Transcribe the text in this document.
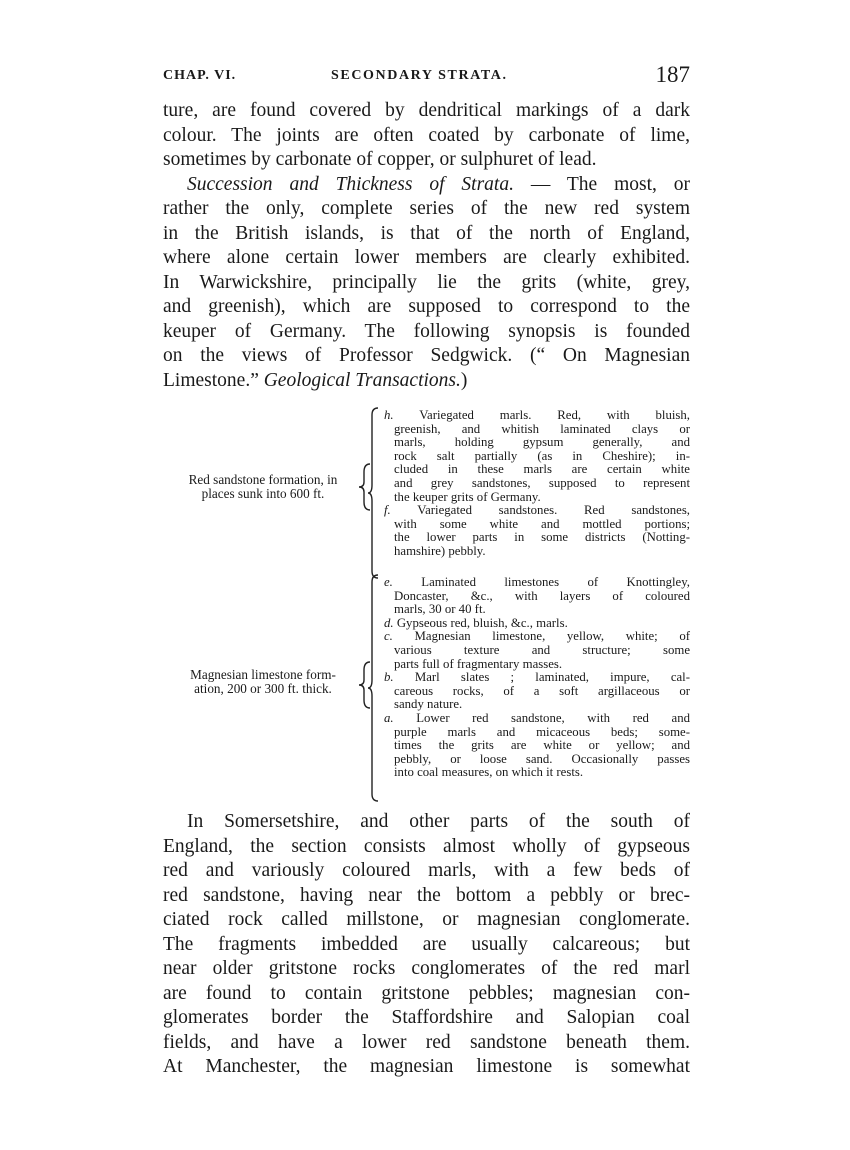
CHAP. VI.	SECONDARY STRATA.	187
ture, are found covered by dendritical markings of a dark
colour. The joints are often coated by carbonate of lime,
sometimes by carbonate of copper, or sulphuret of lead.
Succession and Thickness of Strata. — The most, or
rather the only, complete series of the new red system
in the British islands, is that of the north of England,
where alone certain lower members are clearly exhibited.
In Warwickshire, principally lie the grits (white, grey,
and greenish), which are supposed to correspond to the
keuper of Germany. The following synopsis is founded
on the views of Professor Sedgwick. (“ On Magnesian
Limestone.” Geological Transactions.)
Red sandstone formation, in
places sunk into 600 ft.
Magnesian limestone form-
ation, 200 or 300 ft. thick.
h. Variegated marls. Red, with bluish,
greenish, and whitish laminated clays or
marls, holding gypsum generally, and
rock salt partially (as in Cheshire); in-
cluded in these marls are certain white
and grey sandstones, supposed to represent
the keuper grits of Germany.
f. Variegated sandstones. Red sandstones,
with some white and mottled portions;
the lower parts in some districts (Notting-
hamshire) pebbly.
e. Laminated limestones of Knottingley,
Doncaster, &c., with layers of coloured
marls, 30 or 40 ft.
d. Gypseous red, bluish, &c., marls.
c. Magnesian limestone, yellow, white; of
various texture and structure; some
parts full of fragmentary masses.
b. Marl slates ; laminated, impure, cal-
careous rocks, of a soft argillaceous or
sandy nature.
a. Lower red sandstone, with red and
purple marls and micaceous beds; some-
times the grits are white or yellow; and
pebbly, or loose sand. Occasionally passes
into coal measures, on which it rests.
In Somersetshire, and other parts of the south of
England, the section consists almost wholly of gypseous
red and variously coloured marls, with a few beds of
red sandstone, having near the bottom a pebbly or brec-
ciated rock called millstone, or magnesian conglomerate.
The fragments imbedded are usually calcareous; but
near older gritstone rocks conglomerates of the red marl
are found to contain gritstone pebbles; magnesian con-
glomerates border the Staffordshire and Salopian coal
fields, and have a lower red sandstone beneath them.
At Manchester, the magnesian limestone is somewhat
